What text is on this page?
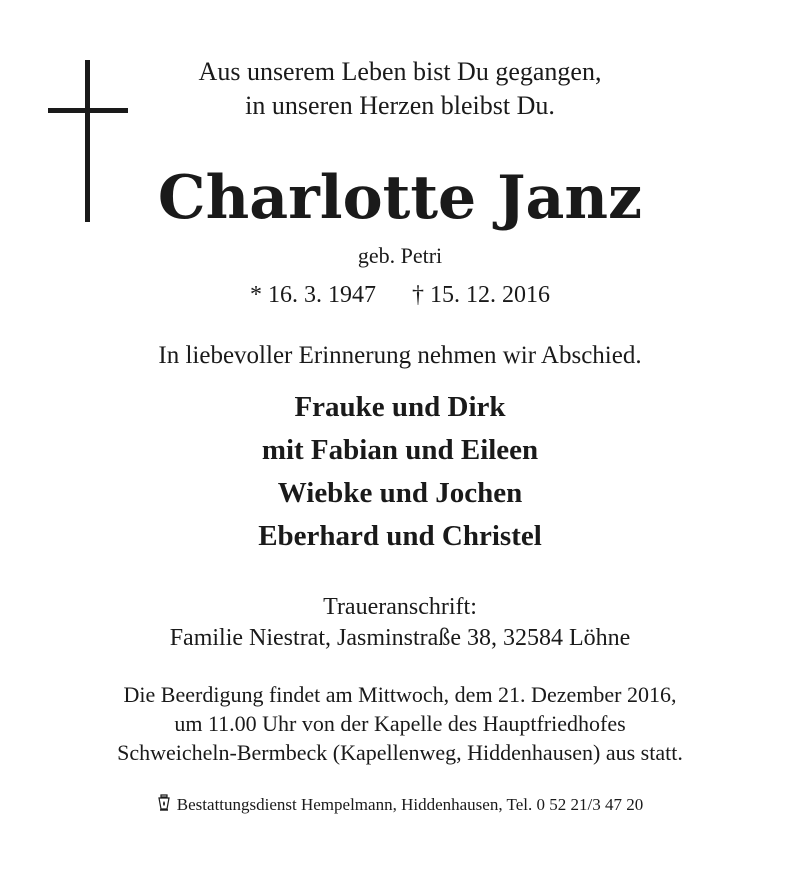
Aus unserem Leben bist Du gegangen,
in unseren Herzen bleibst Du.
Charlotte Janz
geb. Petri
* 16. 3. 1947 † 15. 12. 2016
In liebevoller Erinnerung nehmen wir Abschied.
Frauke und Dirk
mit Fabian und Eileen
Wiebke und Jochen
Eberhard und Christel
Traueranschrift:
Familie Niestrat, Jasminstraße 38, 32584 Löhne
Die Beerdigung findet am Mittwoch, dem 21. Dezember 2016,
um 11.00 Uhr von der Kapelle des Hauptfriedhofes
Schweicheln-Bermbeck (Kapellenweg, Hiddenhausen) aus statt.
Bestattungsdienst Hempelmann, Hiddenhausen, Tel. 0 52 21/3 47 20
